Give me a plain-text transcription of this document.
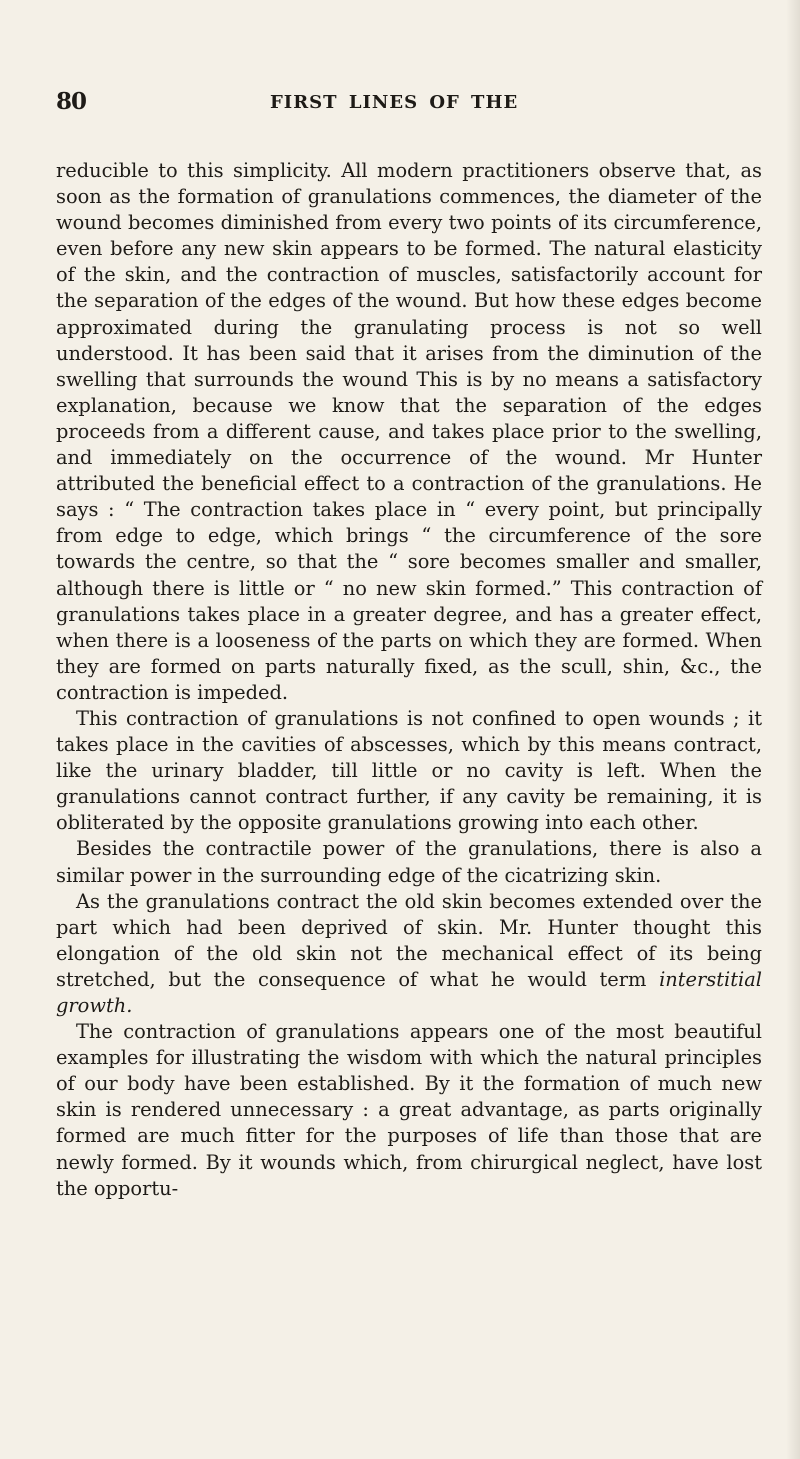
80	FIRST LINES OF THE

reducible to this simplicity. All modern practitioners observe that, as soon as the formation of granulations commences, the diameter of the wound becomes diminished from every two points of its circumference, even before any new skin appears to be formed. The natural elasticity of the skin, and the contraction of muscles, satisfactorily account for the separation of the edges of the wound. But how these edges become approximated during the granulating process is not so well understood. It has been said that it arises from the diminution of the swelling that surrounds the wound This is by no means a satisfactory explanation, because we know that the separation of the edges proceeds from a different cause, and takes place prior to the swelling, and immediately on the occurrence of the wound. Mr Hunter attributed the beneficial effect to a contraction of the granulations. He says : “ The contraction takes place in “ every point, but principally from edge to edge, which brings “ the circumference of the sore towards the centre, so that the “ sore becomes smaller and smaller, although there is little or “ no new skin formed.” This contraction of granulations takes place in a greater degree, and has a greater effect, when there is a looseness of the parts on which they are formed. When they are formed on parts naturally fixed, as the scull, shin, &c., the contraction is impeded.

This contraction of granulations is not confined to open wounds ; it takes place in the cavities of abscesses, which by this means contract, like the urinary bladder, till little or no cavity is left. When the granulations cannot contract further, if any cavity be remaining, it is obliterated by the opposite granulations growing into each other.

Besides the contractile power of the granulations, there is also a similar power in the surrounding edge of the cicatrizing skin.

As the granulations contract the old skin becomes extended over the part which had been deprived of skin. Mr. Hunter thought this elongation of the old skin not the mechanical effect of its being stretched, but the consequence of what he would term interstitial growth.

The contraction of granulations appears one of the most beautiful examples for illustrating the wisdom with which the natural principles of our body have been established. By it the formation of much new skin is rendered unnecessary : a great advantage, as parts originally formed are much fitter for the purposes of life than those that are newly formed. By it wounds which, from chirurgical neglect, have lost the opportu-
